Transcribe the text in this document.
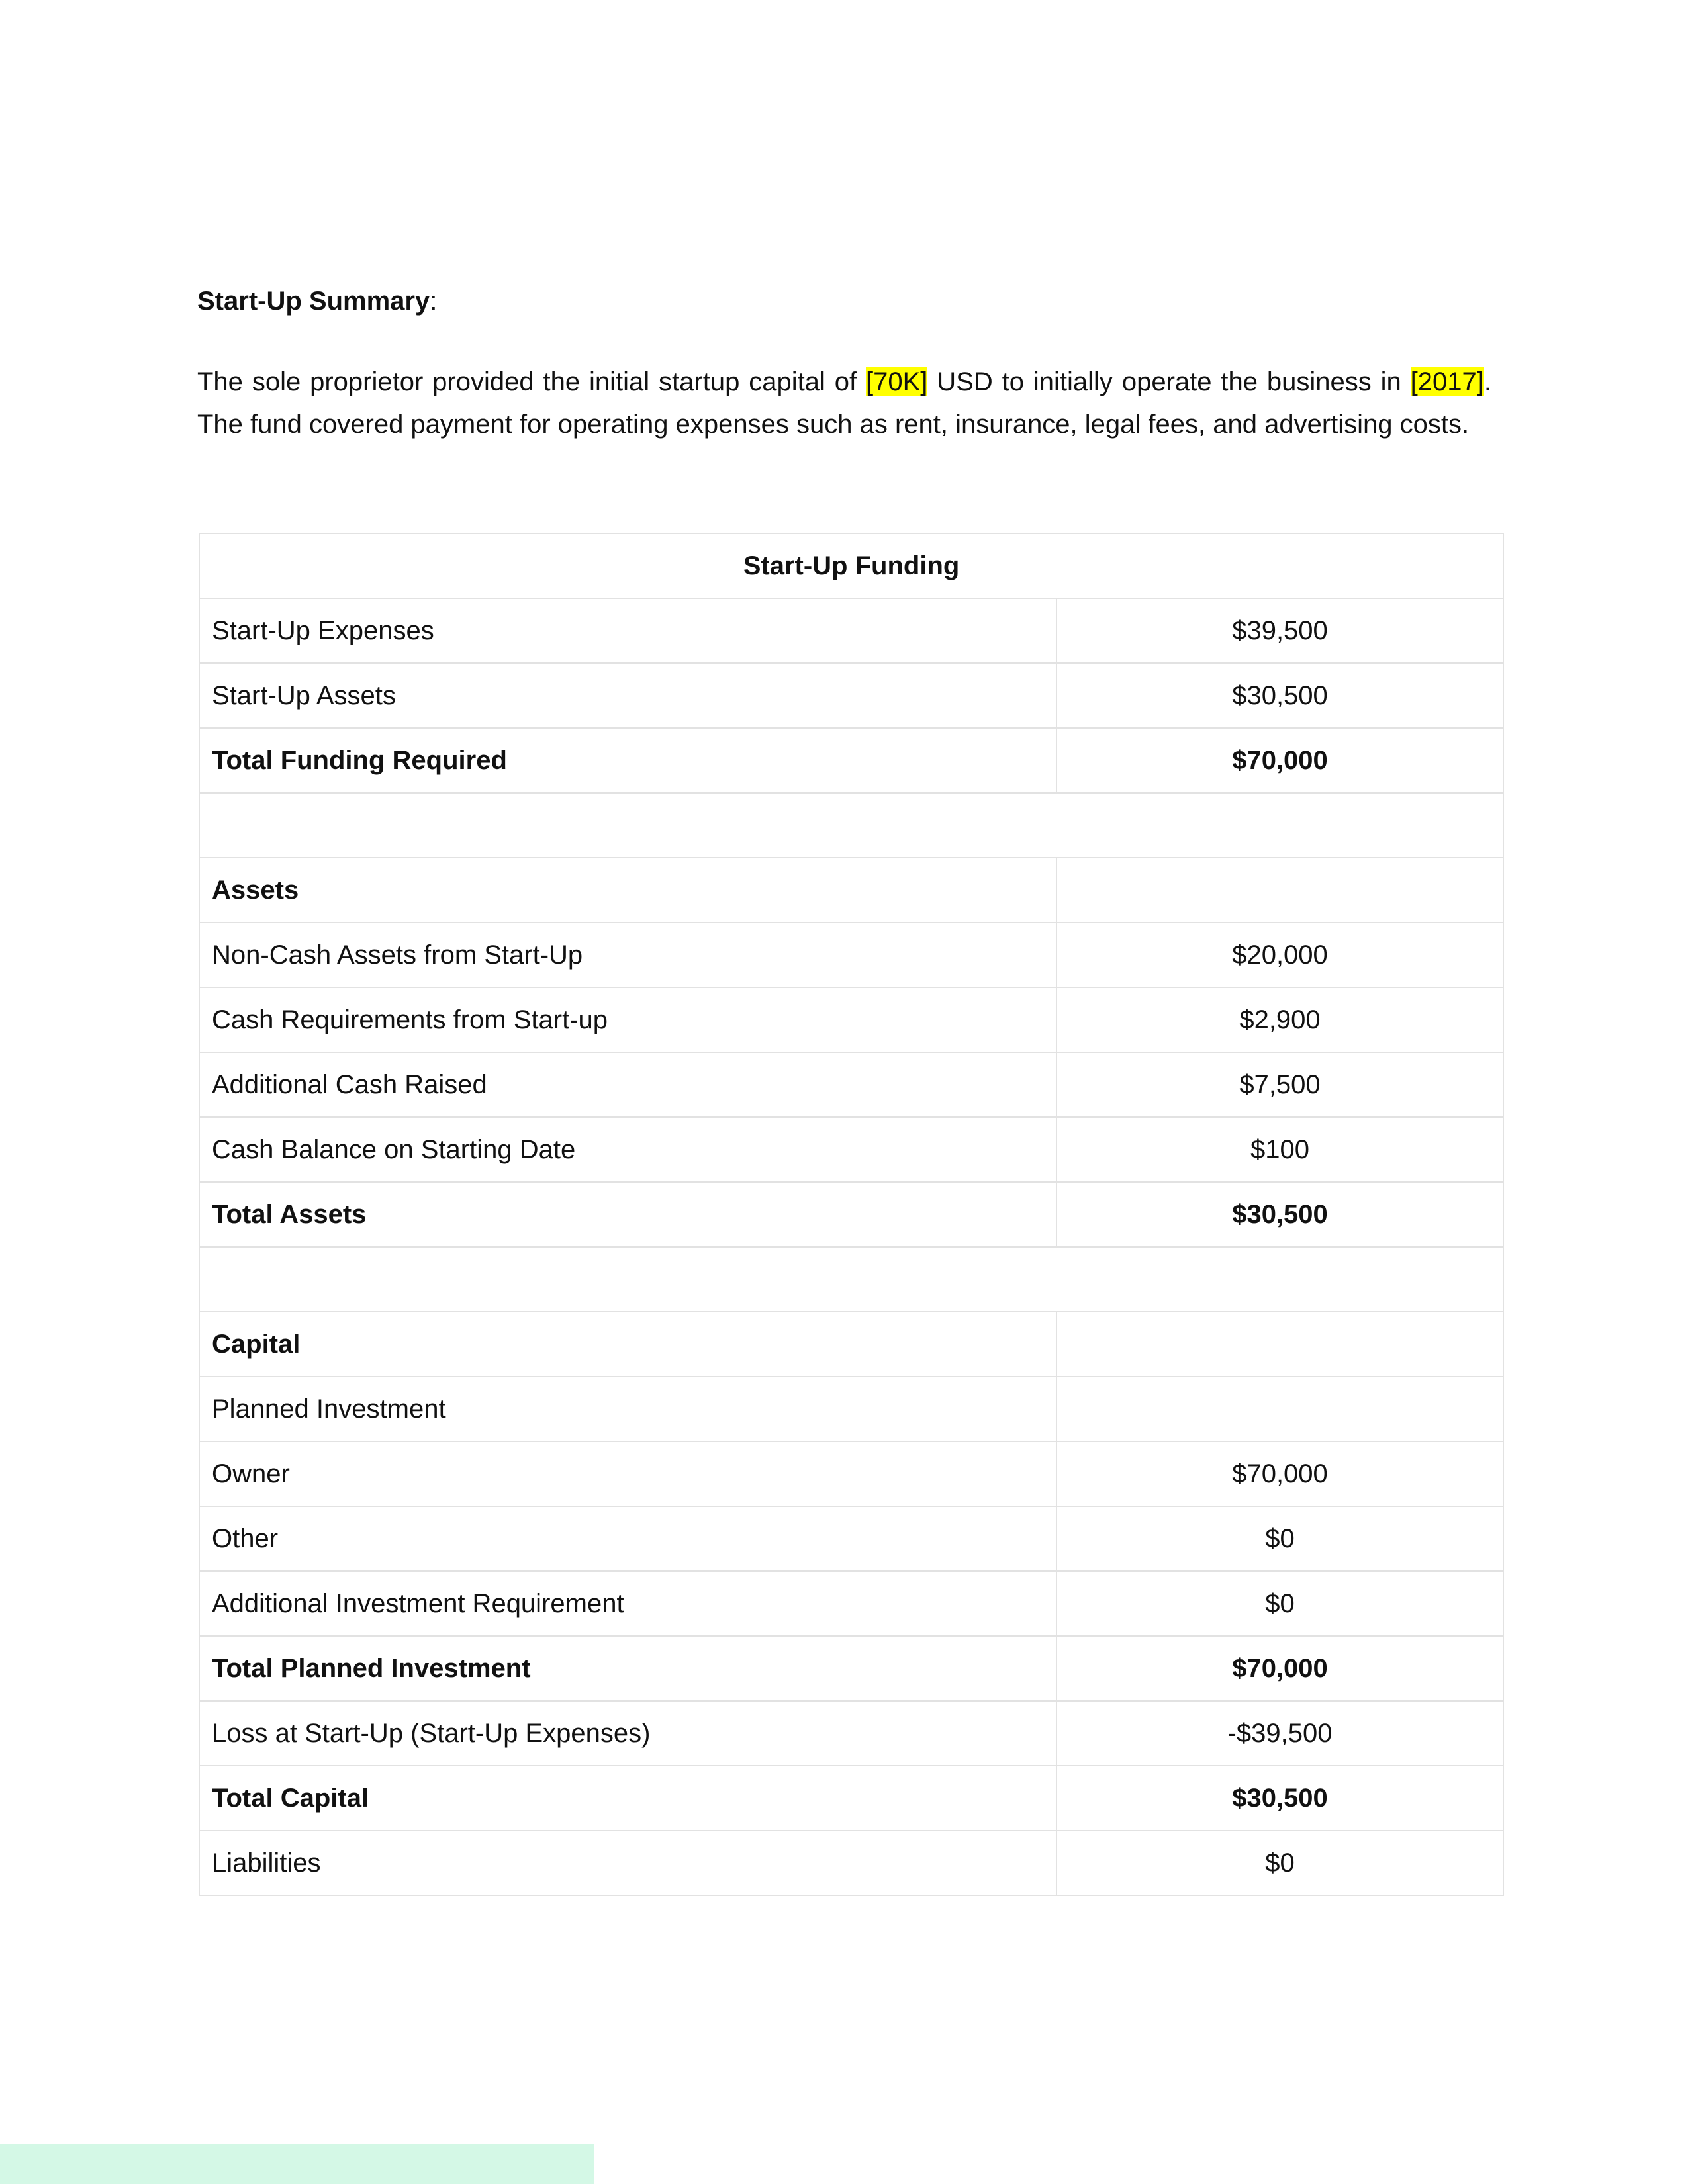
Start-Up Summary:
The sole proprietor provided the initial startup capital of [70K] USD to initially operate the business in [2017]. The fund covered payment for operating expenses such as rent, insurance, legal fees, and advertising costs.
Start-Up Funding	
Start-Up Expenses	$39,500
Start-Up Assets	$30,500
Total Funding Required	$70,000

Assets	
Non-Cash Assets from Start-Up	$20,000
Cash Requirements from Start-up	$2,900
Additional Cash Raised	$7,500
Cash Balance on Starting Date	$100
Total Assets	$30,500

Capital	
Planned Investment	
Owner	$70,000
Other	$0
Additional Investment Requirement	$0
Total Planned Investment	$70,000
Loss at Start-Up (Start-Up Expenses)	-$39,500
Total Capital	$30,500
Liabilities	$0
